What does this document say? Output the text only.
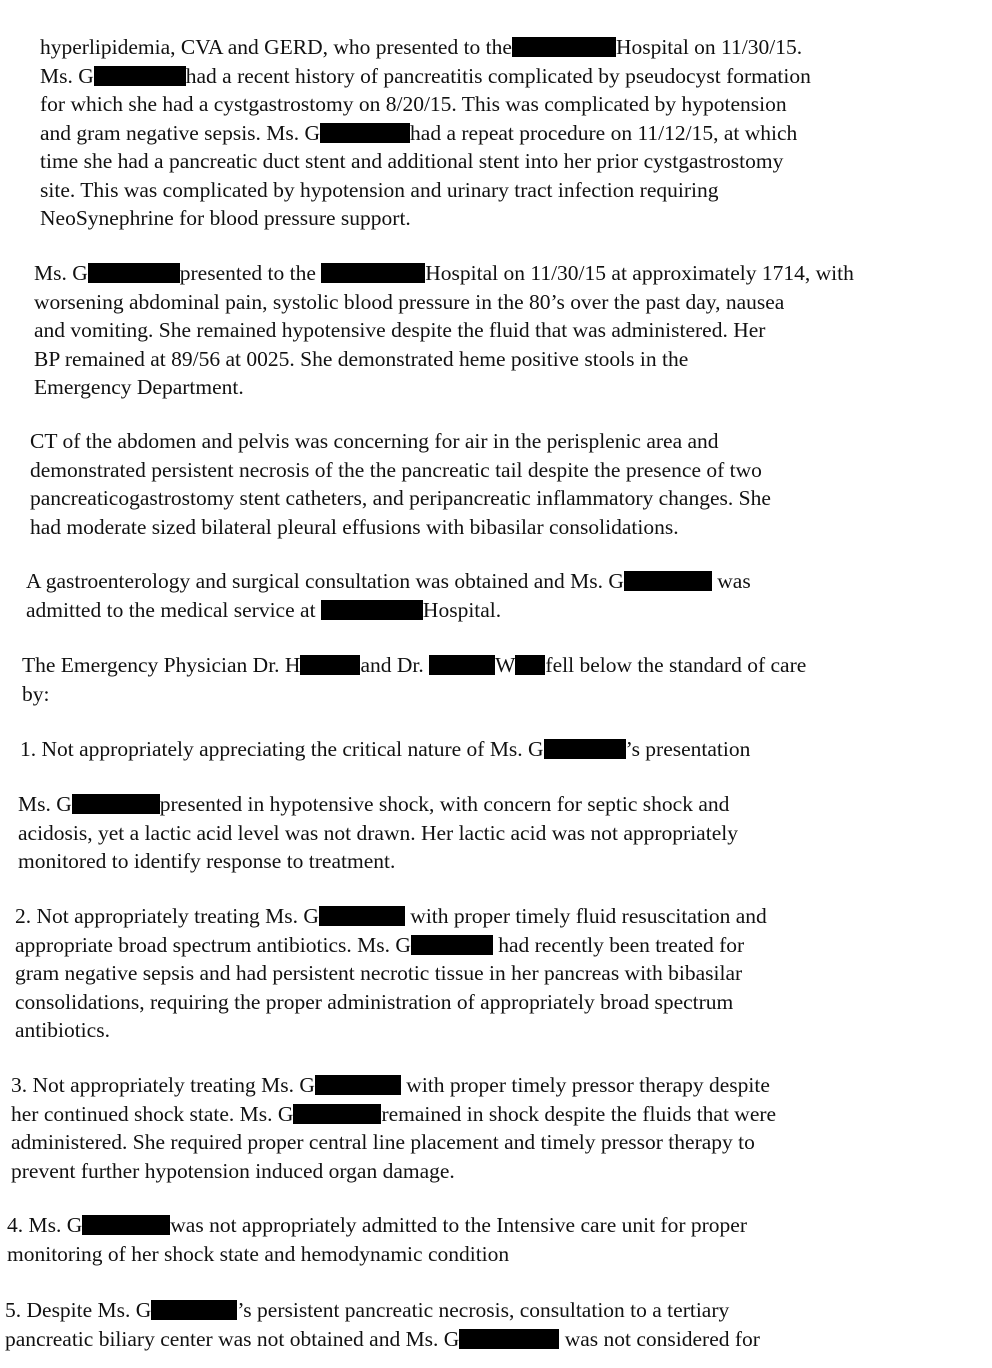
hyperlipidemia, CVA and GERD, who presented to the	Hospital on 11/30/15.
Ms. G	had a recent history of pancreatitis complicated by pseudocyst formation
for which she had a cystgastrostomy on 8/20/15. This was complicated by hypotension
and gram negative sepsis. Ms. G	had a repeat procedure on 11/12/15, at which
time she had a pancreatic duct stent and additional stent into her prior cystgastrostomy
site. This was complicated by hypotension and urinary tract infection requiring
NeoSynephrine for blood pressure support.
Ms. G	presented to the	Hospital on 11/30/15 at approximately 1714, with
worsening abdominal pain, systolic blood pressure in the 80’s over the past day, nausea
and vomiting. She remained hypotensive despite the fluid that was administered. Her
BP remained at 89/56 at 0025. She demonstrated heme positive stools in the
Emergency Department.
CT of the abdomen and pelvis was concerning for air in the perisplenic area and
demonstrated persistent necrosis of the the pancreatic tail despite the presence of two
pancreaticogastrostomy stent catheters, and peripancreatic inflammatory changes. She
had moderate sized bilateral pleural effusions with bibasilar consolidations.
A gastroenterology and surgical consultation was obtained and Ms. G	was
admitted to the medical service at	Hospital.
The Emergency Physician Dr. H	and Dr.	W fell below the standard of care
by:
1. Not appropriately appreciating the critical nature of Ms. G	’s presentation
Ms. G	presented in hypotensive shock, with concern for septic shock and
acidosis, yet a lactic acid level was not drawn. Her lactic acid was not appropriately
monitored to identify response to treatment.
2. Not appropriately treating Ms. G	with proper timely fluid resuscitation and
appropriate broad spectrum antibiotics. Ms. G	had recently been treated for
gram negative sepsis and had persistent necrotic tissue in her pancreas with bibasilar
consolidations, requiring the proper administration of appropriately broad spectrum
antibiotics.
3. Not appropriately treating Ms. G	with proper timely pressor therapy despite
her continued shock state. Ms. G	remained in shock despite the fluids that were
administered. She required proper central line placement and timely pressor therapy to
prevent further hypotension induced organ damage.
4. Ms. G	was not appropriately admitted to the Intensive care unit for proper
monitoring of her shock state and hemodynamic condition
5. Despite Ms. G	’s persistent pancreatic necrosis, consultation to a tertiary
pancreatic biliary center was not obtained and Ms. G	was not considered for
